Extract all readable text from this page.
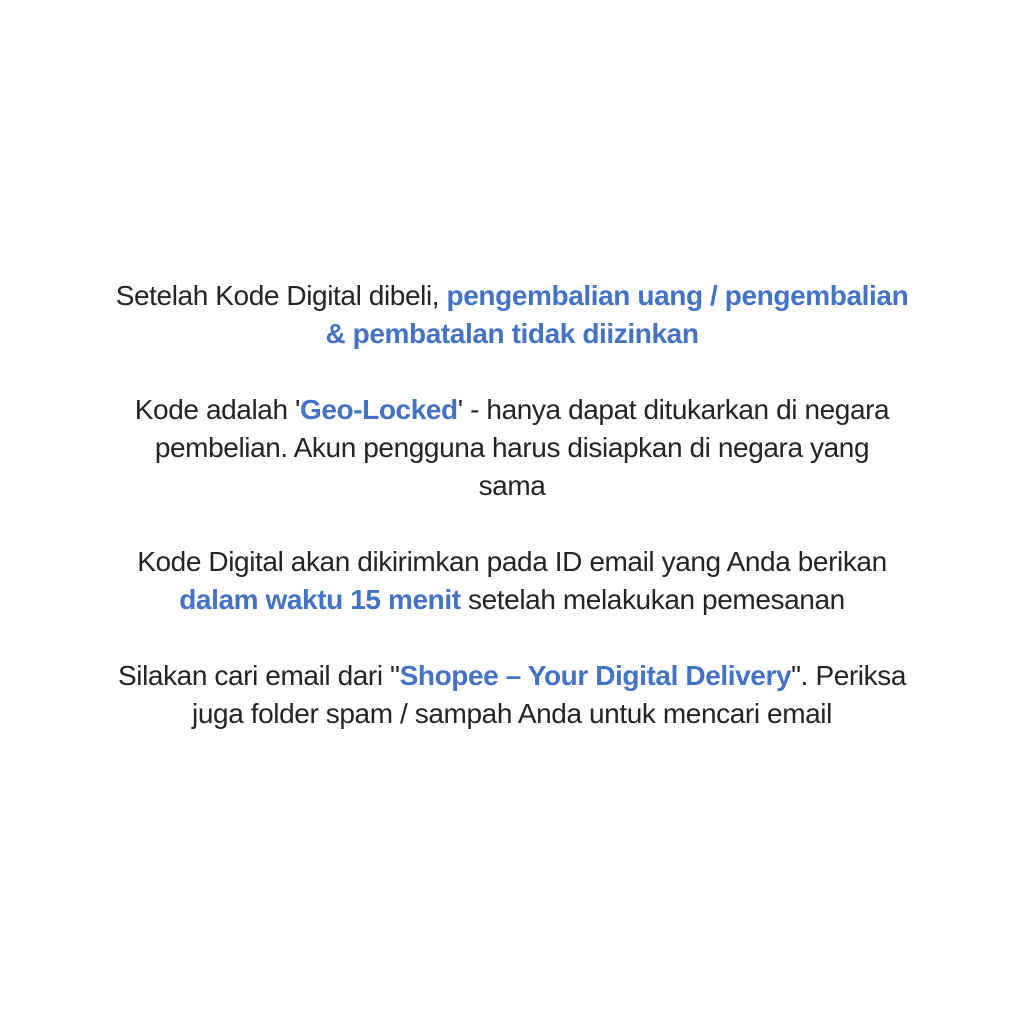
Setelah Kode Digital dibeli, pengembalian uang / pengembalian
& pembatalan tidak diizinkan
Kode adalah 'Geo-Locked' - hanya dapat ditukarkan di negara
pembelian. Akun pengguna harus disiapkan di negara yang
sama
Kode Digital akan dikirimkan pada ID email yang Anda berikan
dalam waktu 15 menit setelah melakukan pemesanan
Silakan cari email dari "Shopee – Your Digital Delivery". Periksa
juga folder spam / sampah Anda untuk mencari email
